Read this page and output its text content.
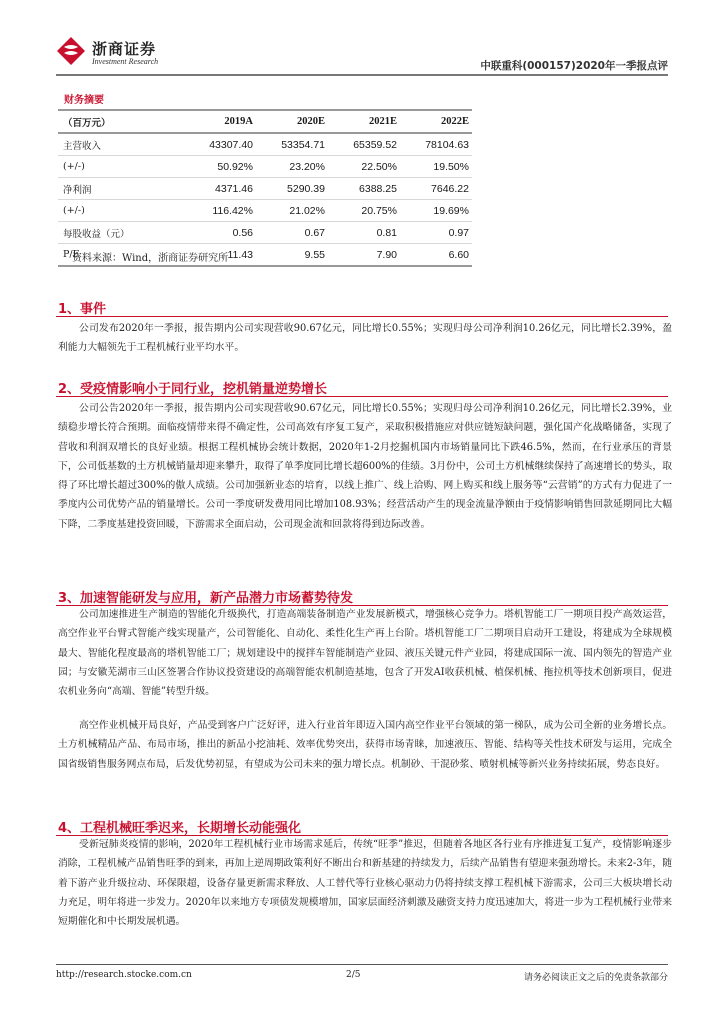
浙商证券
Investment Research	中联重科(000157)2020年一季报点评
财务摘要
（百万元）	2019A	2020E	2021E	2022E
主营收入	43307.40	53354.71	65359.52	78104.63
(+/-)	50.92%	23.20%	22.50%	19.50%
净利润	4371.46	5290.39	6388.25	7646.22
(+/-)	116.42%	21.02%	20.75%	19.69%
每股收益（元）	0.56	0.67	0.81	0.97
P/E	11.43	9.55	7.90	6.60
资料来源：Wind，浙商证券研究所
1、事件

公司发布2020年一季报，报告期内公司实现营收90.67亿元，同比增长0.55%；实现归母公司净利润10.26亿元，同比增长2.39%，盈利能力大幅领先于工程机械行业平均水平。

2、受疫情影响小于同行业，挖机销量逆势增长

公司公告2020年一季报，报告期内公司实现营收90.67亿元，同比增长0.55%；实现归母公司净利润10.26亿元，同比增长2.39%，业绩稳步增长符合预期。面临疫情带来得不确定性，公司高效有序复工复产，采取积极措施应对供应链短缺问题，强化国产化战略储备，实现了营收和利润双增长的良好业绩。根据工程机械协会统计数据，2020年1-2月挖掘机国内市场销量同比下跌46.5%，然而，在行业承压的背景下，公司低基数的土方机械销量却迎来攀升，取得了单季度同比增长超600%的佳绩。3月份中，公司土方机械继续保持了高速增长的势头，取得了环比增长超过300%的傲人成绩。公司加强新业态的培育，以线上推广、线上洽购、网上购买和线上服务等“云营销”的方式有力促进了一季度内公司优势产品的销量增长。公司一季度研发费用同比增加108.93%；经营活动产生的现金流量净额由于疫情影响销售回款延期同比大幅下降，二季度基建投资回暖，下游需求全面启动，公司现金流和回款将得到边际改善。

3、加速智能研发与应用，新产品潜力市场蓄势待发

公司加速推进生产制造的智能化升级换代，打造高端装备制造产业发展新模式，增强核心竞争力。塔机智能工厂一期项目投产高效运营，高空作业平台臂式智能产线实现量产，公司智能化、自动化、柔性化生产再上台阶。塔机智能工厂二期项目启动开工建设，将建成为全球规模最大、智能化程度最高的塔机智能工厂；规划建设中的搅拌车智能制造产业园、液压关键元件产业园，将建成国际一流、国内领先的智造产业园；与安徽芜湖市三山区签署合作协议投资建设的高端智能农机制造基地，包含了开发AI收获机械、植保机械、拖拉机等技术创新项目，促进农机业务向“高端、智能”转型升级。

高空作业机械开局良好，产品受到客户广泛好评，进入行业首年即迈入国内高空作业平台领域的第一梯队，成为公司全新的业务增长点。土方机械精品产品、布局市场，推出的新品小挖油耗、效率优势突出，获得市场青睐，加速液压、智能、结构等关性技术研发与运用，完成全国省级销售服务网点布局，后发优势初显，有望成为公司未来的强力增长点。机制砂、干混砂浆、喷射机械等新兴业务持续拓展，势态良好。

4、工程机械旺季迟来，长期增长动能强化

受新冠肺炎疫情的影响，2020年工程机械行业市场需求延后，传统“旺季”推迟，但随着各地区各行业有序推进复工复产，疫情影响逐步消除，工程机械产品销售旺季的到来，再加上逆周期政策利好不断出台和新基建的持续发力，后续产品销售有望迎来强劲增长。未来2-3年，随着下游产业升级拉动、环保限超，设备存量更新需求释放、人工替代等行业核心驱动力仍将持续支撑工程机械下游需求，公司三大板块增长动力充足，明年将进一步发力。2020年以来地方专项债发规模增加，国家层面经济刺激及融资支持力度迅速加大，将进一步为工程机械行业带来短期催化和中长期发展机遇。

http://research.stocke.com.cn	2/5	请务必阅读正文之后的免责条款部分
